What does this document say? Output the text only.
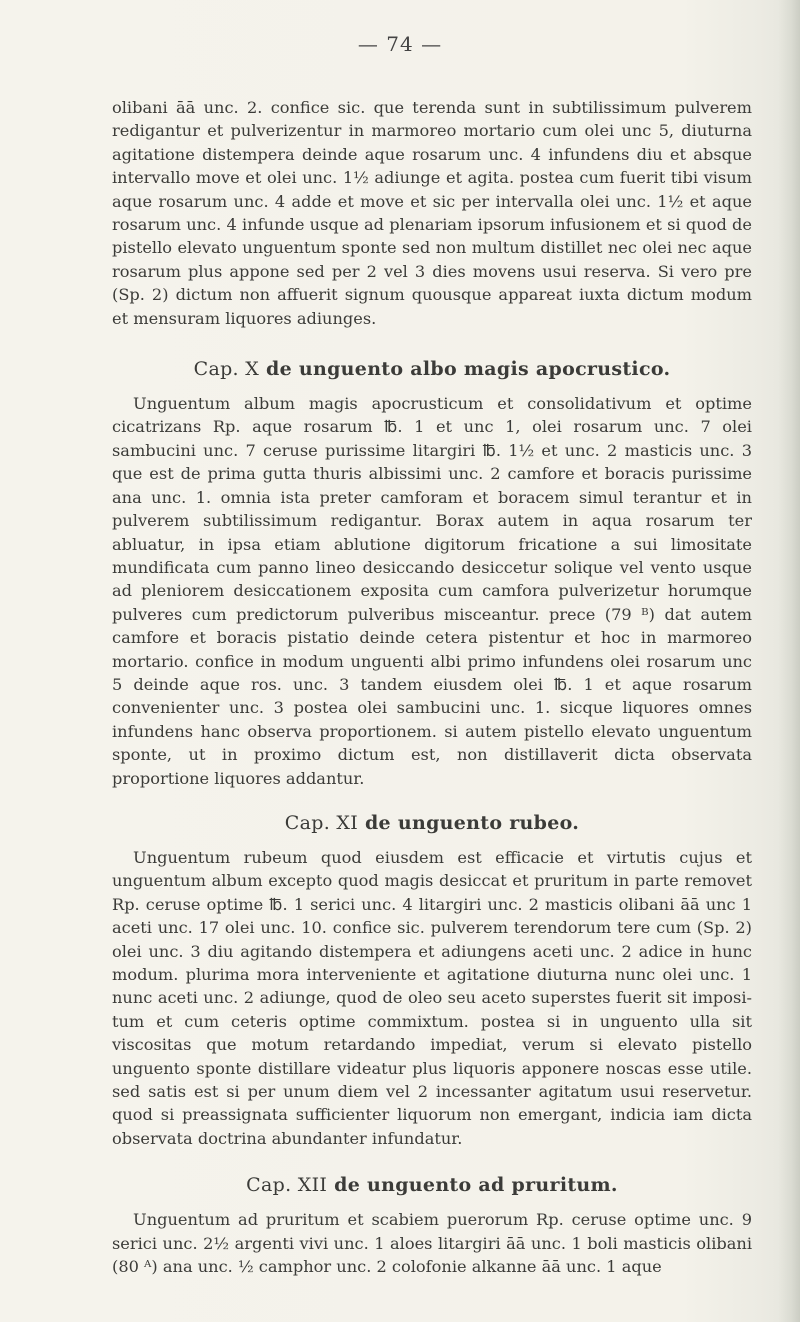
— 74 —

olibani āā unc. 2. confice sic. que terenda sunt in subtilissimum pulverem redigantur et pulverizentur in marmoreo mortario cum olei unc 5, diuturna agitatione distempera deinde aque rosarum unc. 4 infundens diu et absque intervallo move et olei unc. 1½ adiunge et agita. postea cum fuerit tibi visum aque rosarum unc. 4 adde et move et sic per intervalla olei unc. 1½ et aque rosarum unc. 4 infunde usque ad plenariam ipsorum infusionem et si quod de pistello elevato unguentum sponte sed non multum distillet nec olei nec aque rosarum plus appone sed per 2 vel 3 dies movens usui reserva. Si vero pre (Sp. 2) dictum non affuerit signum quousque appareat iuxta dictum modum et mensuram liquores adiunges.

Cap. X de unguento albo magis apocrustico.

Unguentum album magis apocrusticum et consolidativum et optime cicatrizans Rp. aque rosarum ℔. 1 et unc 1, olei rosarum unc. 7 olei sambucini unc. 7 ceruse purissime litargiri ℔. 1½ et unc. 2 masticis unc. 3 que est de prima gutta thuris albissimi unc. 2 camfore et boracis purissime ana unc. 1. omnia ista preter camforam et boracem simul terantur et in pulverem subtilissimum redigantur. Borax autem in aqua rosarum ter abluatur, in ipsa etiam ablutione digitorum fricatione a sui limositate mundificata cum panno lineo desiccando desiccetur solique vel vento usque ad pleniorem desiccationem exposita cum camfora pulverizetur horumque pulveres cum predictorum pulveribus misceantur. prece (79 ᴮ) dat autem camfore et boracis pistatio deinde cetera pistentur et hoc in marmoreo mortario. confice in modum unguenti albi primo infundens olei rosarum unc 5 deinde aque ros. unc. 3 tandem eiusdem olei ℔. 1 et aque rosarum convenienter unc. 3 postea olei sambucini unc. 1. sicque liquores omnes infundens hanc observa proportionem. si autem pistello elevato unguentum sponte, ut in proximo dictum est, non distillaverit dicta observata proportione liquores addantur.

Cap. XI de unguento rubeo.

Unguentum rubeum quod eiusdem est efficacie et virtutis cujus et unguentum album excepto quod magis desiccat et pruritum in parte removet Rp. ceruse optime ℔. 1 serici unc. 4 litargiri unc. 2 masticis olibani āā unc 1 aceti unc. 17 olei unc. 10. confice sic. pulverem terendorum tere cum (Sp. 2) olei unc. 3 diu agitando distempera et adiungens aceti unc. 2 adice in hunc modum. plurima mora interveniente et agitatione diuturna nunc olei unc. 1 nunc aceti unc. 2 adiunge, quod de oleo seu aceto superstes fuerit sit imposi-tum et cum ceteris optime commixtum. postea si in unguento ulla sit viscositas que motum retardando impediat, verum si elevato pistello unguento sponte distillare videatur plus liquoris apponere noscas esse utile. sed satis est si per unum diem vel 2 incessanter agitatum usui reservetur. quod si preassignata sufficienter liquorum non emergant, indicia iam dicta observata doctrina abundanter infundatur.

Cap. XII de unguento ad pruritum.

Unguentum ad pruritum et scabiem puerorum Rp. ceruse optime unc. 9 serici unc. 2½ argenti vivi unc. 1 aloes litargiri āā unc. 1 boli masticis olibani (80 ᴬ) ana unc. ½ camphor unc. 2 colofonie alkanne āā unc. 1 aque
